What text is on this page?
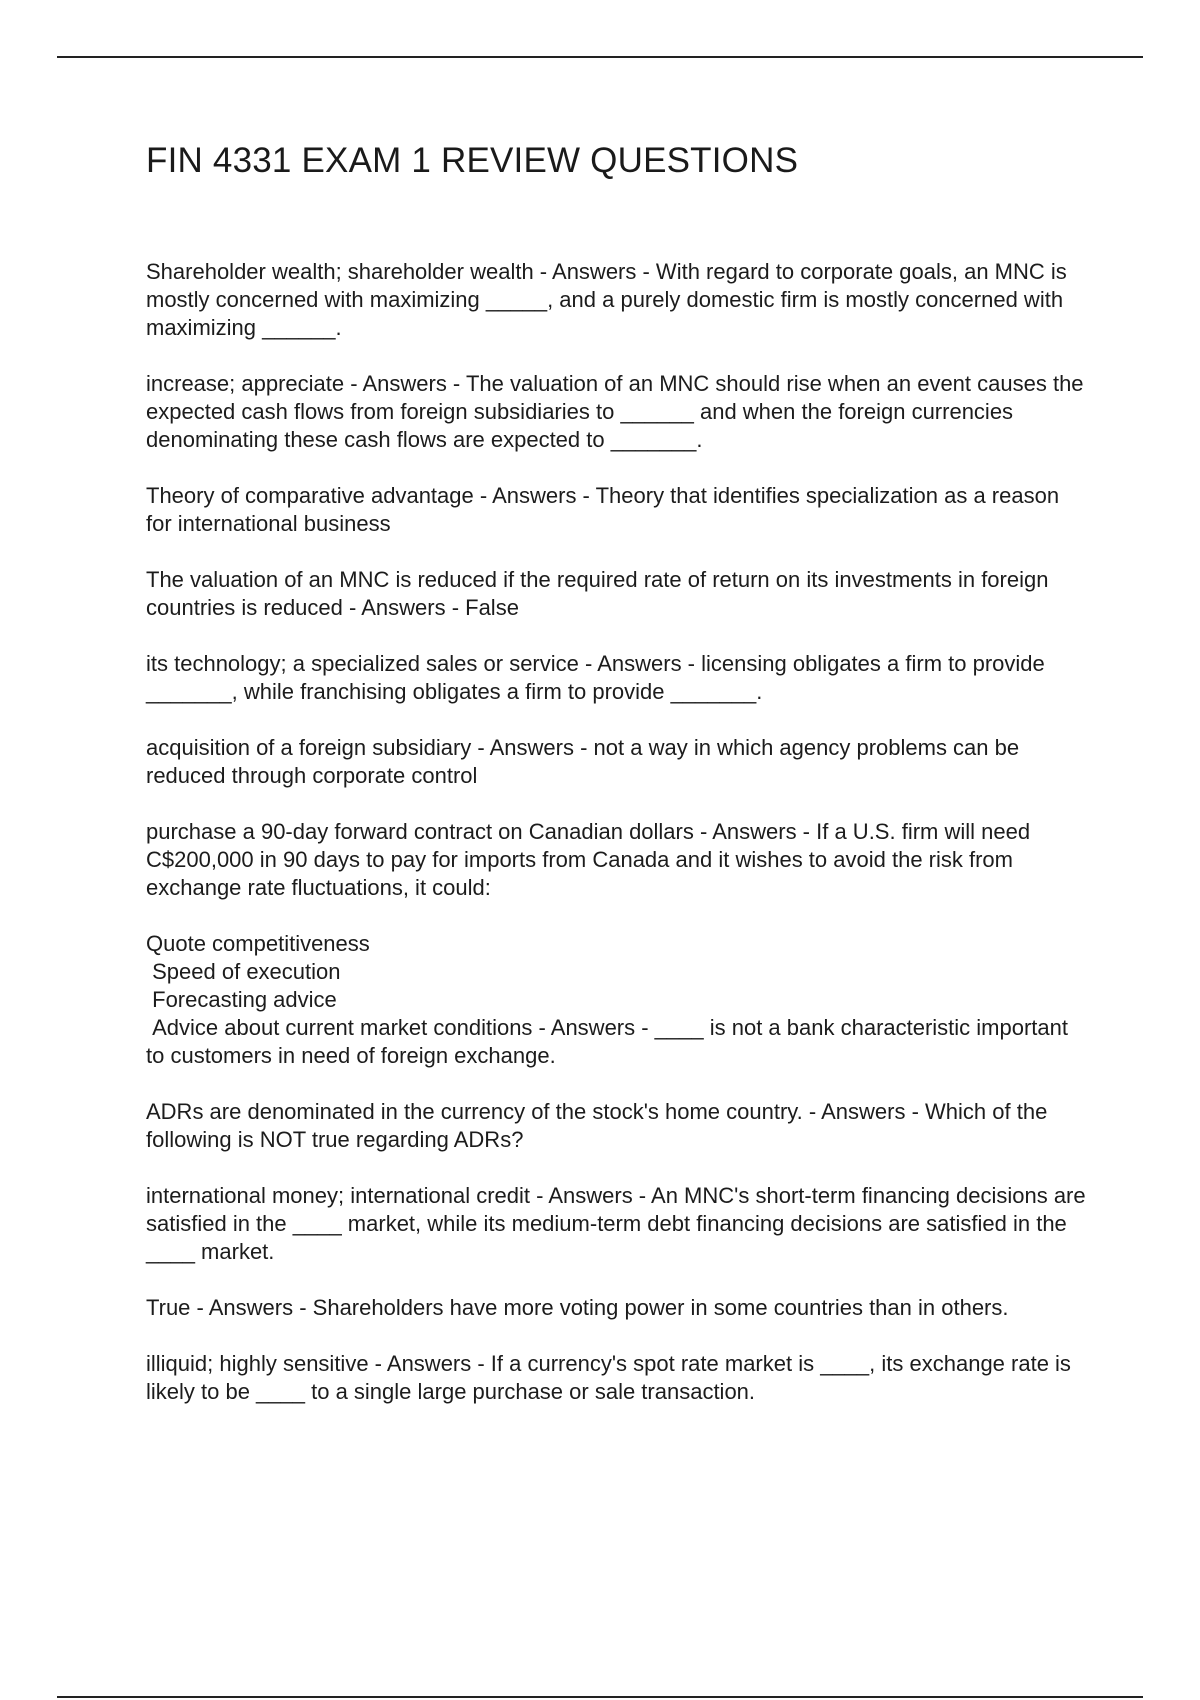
FIN 4331 EXAM 1 REVIEW QUESTIONS

Shareholder wealth; shareholder wealth - Answers - With regard to corporate goals, an MNC is mostly concerned with maximizing _____, and a purely domestic firm is mostly concerned with maximizing ______.

increase; appreciate - Answers - The valuation of an MNC should rise when an event causes the expected cash flows from foreign subsidiaries to ______ and when the foreign currencies denominating these cash flows are expected to _______.

Theory of comparative advantage - Answers - Theory that identifies specialization as a reason for international business

The valuation of an MNC is reduced if the required rate of return on its investments in foreign countries is reduced - Answers - False

its technology; a specialized sales or service - Answers - licensing obligates a firm to provide _______, while franchising obligates a firm to provide _______.

acquisition of a foreign subsidiary - Answers - not a way in which agency problems can be reduced through corporate control

purchase a 90-day forward contract on Canadian dollars - Answers - If a U.S. firm will need C$200,000 in 90 days to pay for imports from Canada and it wishes to avoid the risk from exchange rate fluctuations, it could:

Quote competitiveness
Speed of execution
Forecasting advice
Advice about current market conditions - Answers - ____ is not a bank characteristic important to customers in need of foreign exchange.

ADRs are denominated in the currency of the stock's home country. - Answers - Which of the following is NOT true regarding ADRs?

international money; international credit - Answers - An MNC's short-term financing decisions are satisfied in the ____ market, while its medium-term debt financing decisions are satisfied in the ____ market.

True - Answers - Shareholders have more voting power in some countries than in others.

illiquid; highly sensitive - Answers - If a currency's spot rate market is ____, its exchange rate is likely to be ____ to a single large purchase or sale transaction.
